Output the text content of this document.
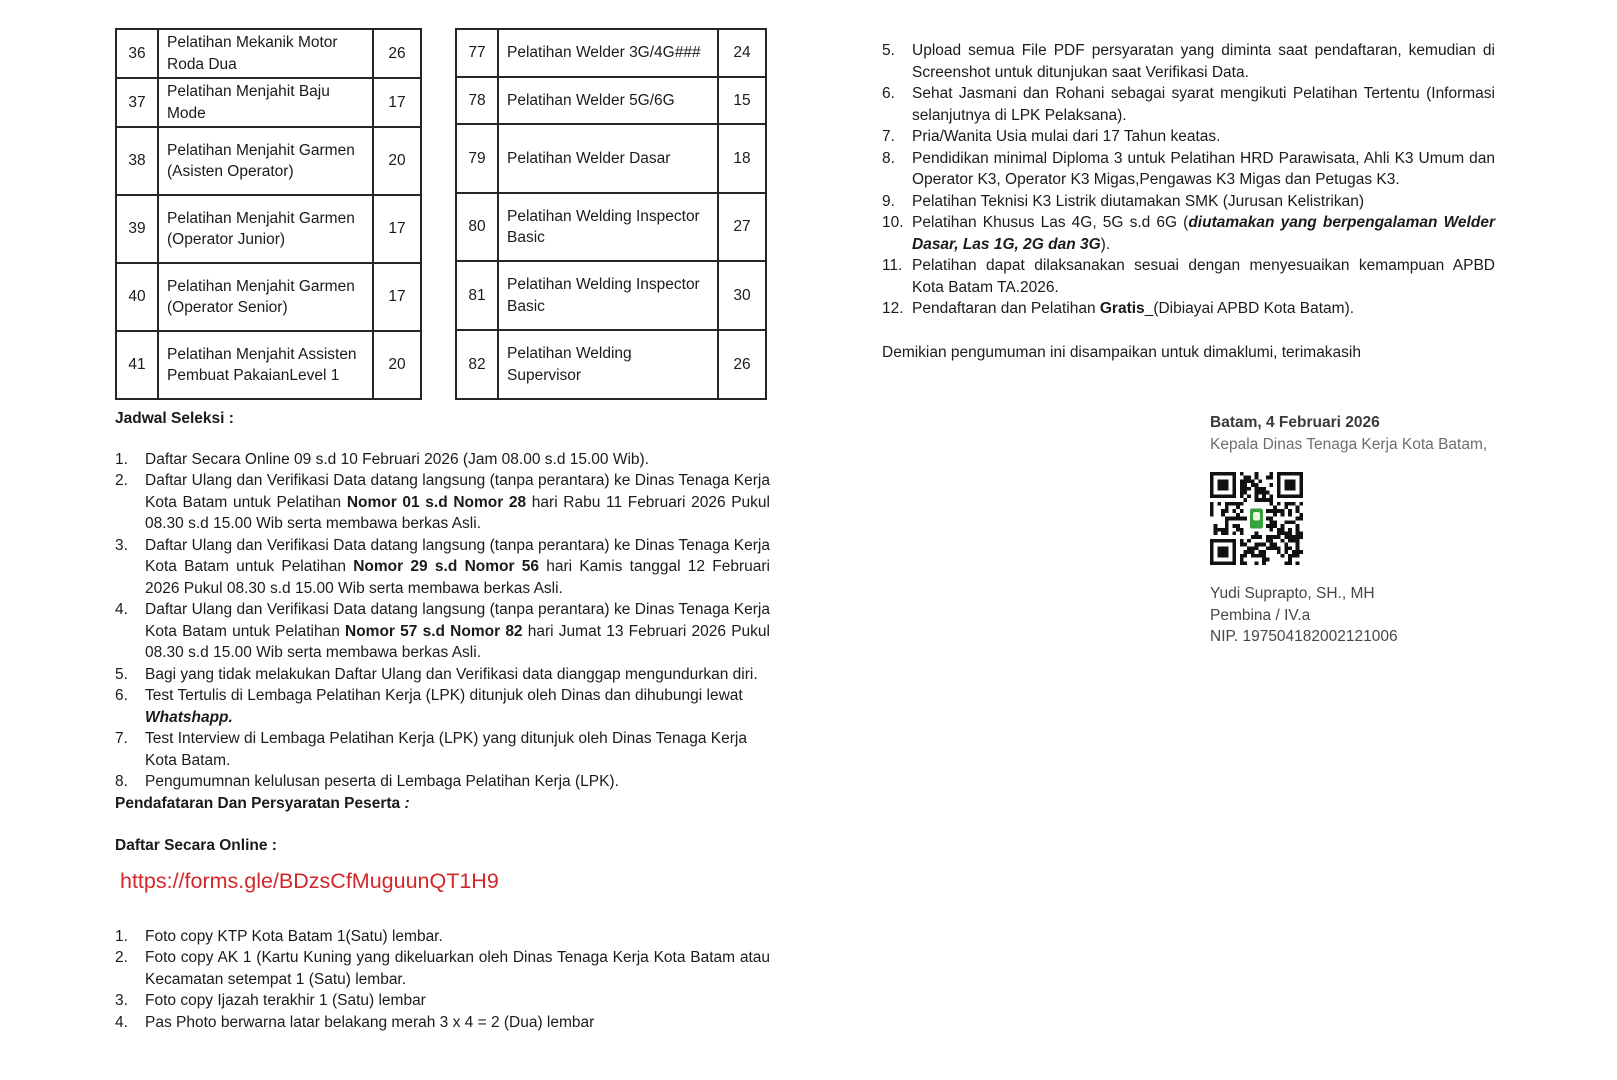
36	Pelatihan Mekanik Motor Roda Dua	26
37	Pelatihan Menjahit Baju Mode	17
38	Pelatihan Menjahit Garmen (Asisten Operator)	20
39	Pelatihan Menjahit Garmen (Operator Junior)	17
40	Pelatihan Menjahit Garmen (Operator Senior)	17
41	Pelatihan Menjahit Assisten Pembuat PakaianLevel 1	20
77	Pelatihan Welder 3G/4G###	24
78	Pelatihan Welder 5G/6G	15
79	Pelatihan Welder Dasar	18
80	Pelatihan Welding Inspector Basic	27
81	Pelatihan Welding Inspector Basic	30
82	Pelatihan Welding Supervisor	26
Jadwal Seleksi :
1.	Daftar Secara Online 09 s.d 10 Februari 2026 (Jam 08.00 s.d 15.00 Wib).
2.	Daftar Ulang dan Verifikasi Data datang langsung (tanpa perantara) ke Dinas Tenaga Kerja Kota Batam untuk Pelatihan Nomor 01 s.d Nomor 28 hari Rabu 11 Februari 2026 Pukul 08.30 s.d 15.00 Wib serta membawa berkas Asli.
3.	Daftar Ulang dan Verifikasi Data datang langsung (tanpa perantara) ke Dinas Tenaga Kerja Kota Batam untuk Pelatihan Nomor 29 s.d Nomor 56 hari Kamis tanggal 12 Februari 2026 Pukul 08.30 s.d 15.00 Wib serta membawa berkas Asli.
4.	Daftar Ulang dan Verifikasi Data datang langsung (tanpa perantara) ke Dinas Tenaga Kerja Kota Batam untuk Pelatihan Nomor 57 s.d Nomor 82 hari Jumat 13 Februari 2026 Pukul 08.30 s.d 15.00 Wib serta membawa berkas Asli.
5.	Bagi yang tidak melakukan Daftar Ulang dan Verifikasi data dianggap mengundurkan diri.
6.	Test Tertulis di Lembaga Pelatihan Kerja (LPK) ditunjuk oleh Dinas dan dihubungi lewat Whatshapp.
7.	Test Interview di Lembaga Pelatihan Kerja (LPK) yang ditunjuk oleh Dinas Tenaga Kerja Kota Batam.
8.	Pengumumnan kelulusan peserta di Lembaga Pelatihan Kerja (LPK).
Pendafataran Dan Persyaratan Peserta :
Daftar Secara Online :
https://forms.gle/BDzsCfMuguunQT1H9
1.	Foto copy KTP Kota Batam 1(Satu) lembar.
2.	Foto copy AK 1 (Kartu Kuning yang dikeluarkan oleh Dinas Tenaga Kerja Kota Batam atau Kecamatan setempat 1 (Satu) lembar.
3.	Foto copy Ijazah terakhir 1 (Satu) lembar
4.	Pas Photo berwarna latar belakang merah 3 x 4 = 2 (Dua) lembar
5.	Upload semua File PDF persyaratan yang diminta saat pendaftaran, kemudian di Screenshot untuk ditunjukan saat Verifikasi Data.
6.	Sehat Jasmani dan Rohani sebagai syarat mengikuti Pelatihan Tertentu (Informasi selanjutnya di LPK Pelaksana).
7.	Pria/Wanita Usia mulai dari 17 Tahun keatas.
8.	Pendidikan minimal Diploma 3 untuk Pelatihan HRD Parawisata, Ahli K3 Umum dan Operator K3, Operator K3 Migas,Pengawas K3 Migas dan Petugas K3.
9.	Pelatihan Teknisi K3 Listrik diutamakan SMK (Jurusan Kelistrikan)
10. Pelatihan Khusus Las 4G, 5G s.d 6G (diutamakan yang berpengalaman Welder Dasar, Las 1G, 2G dan 3G).
11. Pelatihan dapat dilaksanakan sesuai dengan menyesuaikan kemampuan APBD Kota Batam TA.2026.
12. Pendaftaran dan Pelatihan Gratis_(Dibiayai APBD Kota Batam).
Demikian pengumuman ini disampaikan untuk dimaklumi, terimakasih
Batam, 4 Februari 2026
Kepala Dinas Tenaga Kerja Kota Batam,
Yudi Suprapto, SH., MH
Pembina / IV.a
NIP. 197504182002121006
